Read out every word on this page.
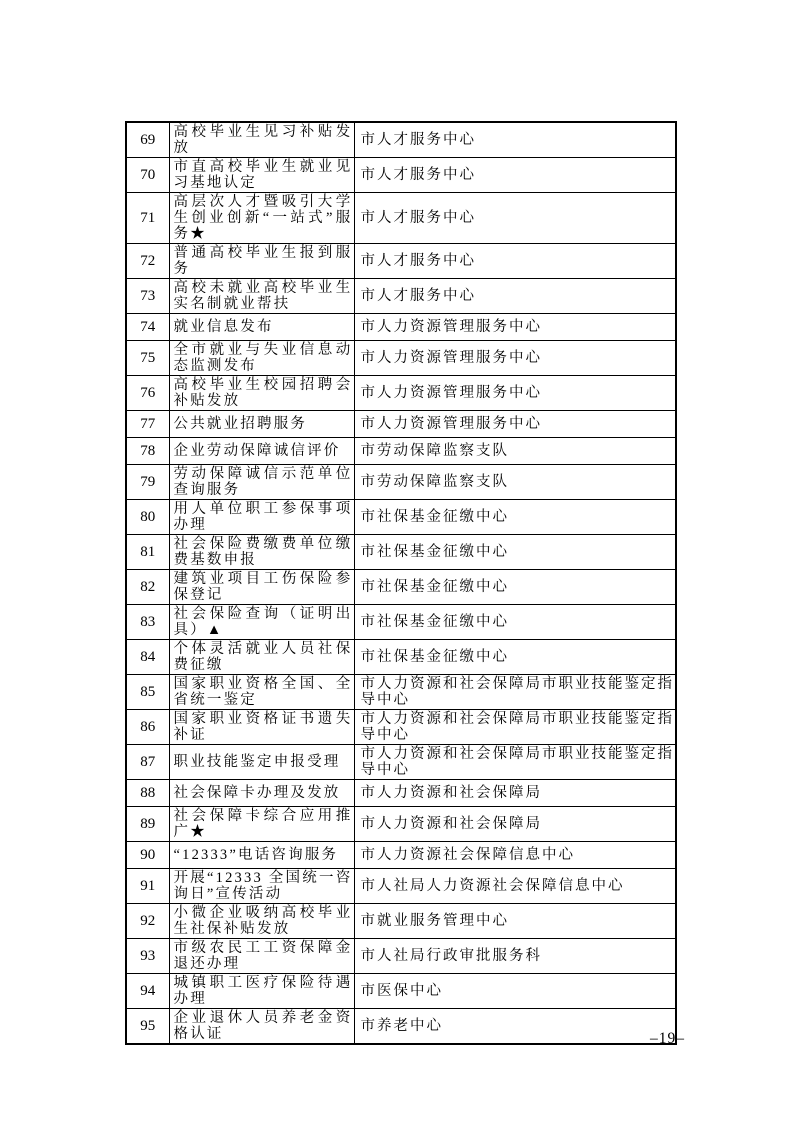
69	高校毕业生见习补贴发放	市人才服务中心
70	市直高校毕业生就业见习基地认定	市人才服务中心
71	高层次人才暨吸引大学生创业创新“一站式”服务★	市人才服务中心
72	普通高校毕业生报到服务	市人才服务中心
73	高校未就业高校毕业生实名制就业帮扶	市人才服务中心
74	就业信息发布	市人力资源管理服务中心
75	全市就业与失业信息动态监测发布	市人力资源管理服务中心
76	高校毕业生校园招聘会补贴发放	市人力资源管理服务中心
77	公共就业招聘服务	市人力资源管理服务中心
78	企业劳动保障诚信评价	市劳动保障监察支队
79	劳动保障诚信示范单位查询服务	市劳动保障监察支队
80	用人单位职工参保事项办理	市社保基金征缴中心
81	社会保险费缴费单位缴费基数申报	市社保基金征缴中心
82	建筑业项目工伤保险参保登记	市社保基金征缴中心
83	社会保险查询（证明出具）▲	市社保基金征缴中心
84	个体灵活就业人员社保费征缴	市社保基金征缴中心
85	国家职业资格全国、全省统一鉴定	市人力资源和社会保障局市职业技能鉴定指导中心
86	国家职业资格证书遗失补证	市人力资源和社会保障局市职业技能鉴定指导中心
87	职业技能鉴定申报受理	市人力资源和社会保障局市职业技能鉴定指导中心
88	社会保障卡办理及发放	市人力资源和社会保障局
89	社会保障卡综合应用推广★	市人力资源和社会保障局
90	“12333”电话咨询服务	市人力资源社会保障信息中心
91	开展“12333 全国统一咨询日”宣传活动	市人社局人力资源社会保障信息中心
92	小微企业吸纳高校毕业生社保补贴发放	市就业服务管理中心
93	市级农民工工资保障金退还办理	市人社局行政审批服务科
94	城镇职工医疗保险待遇办理	市医保中心
95	企业退休人员养老金资格认证	市养老中心
–19–
